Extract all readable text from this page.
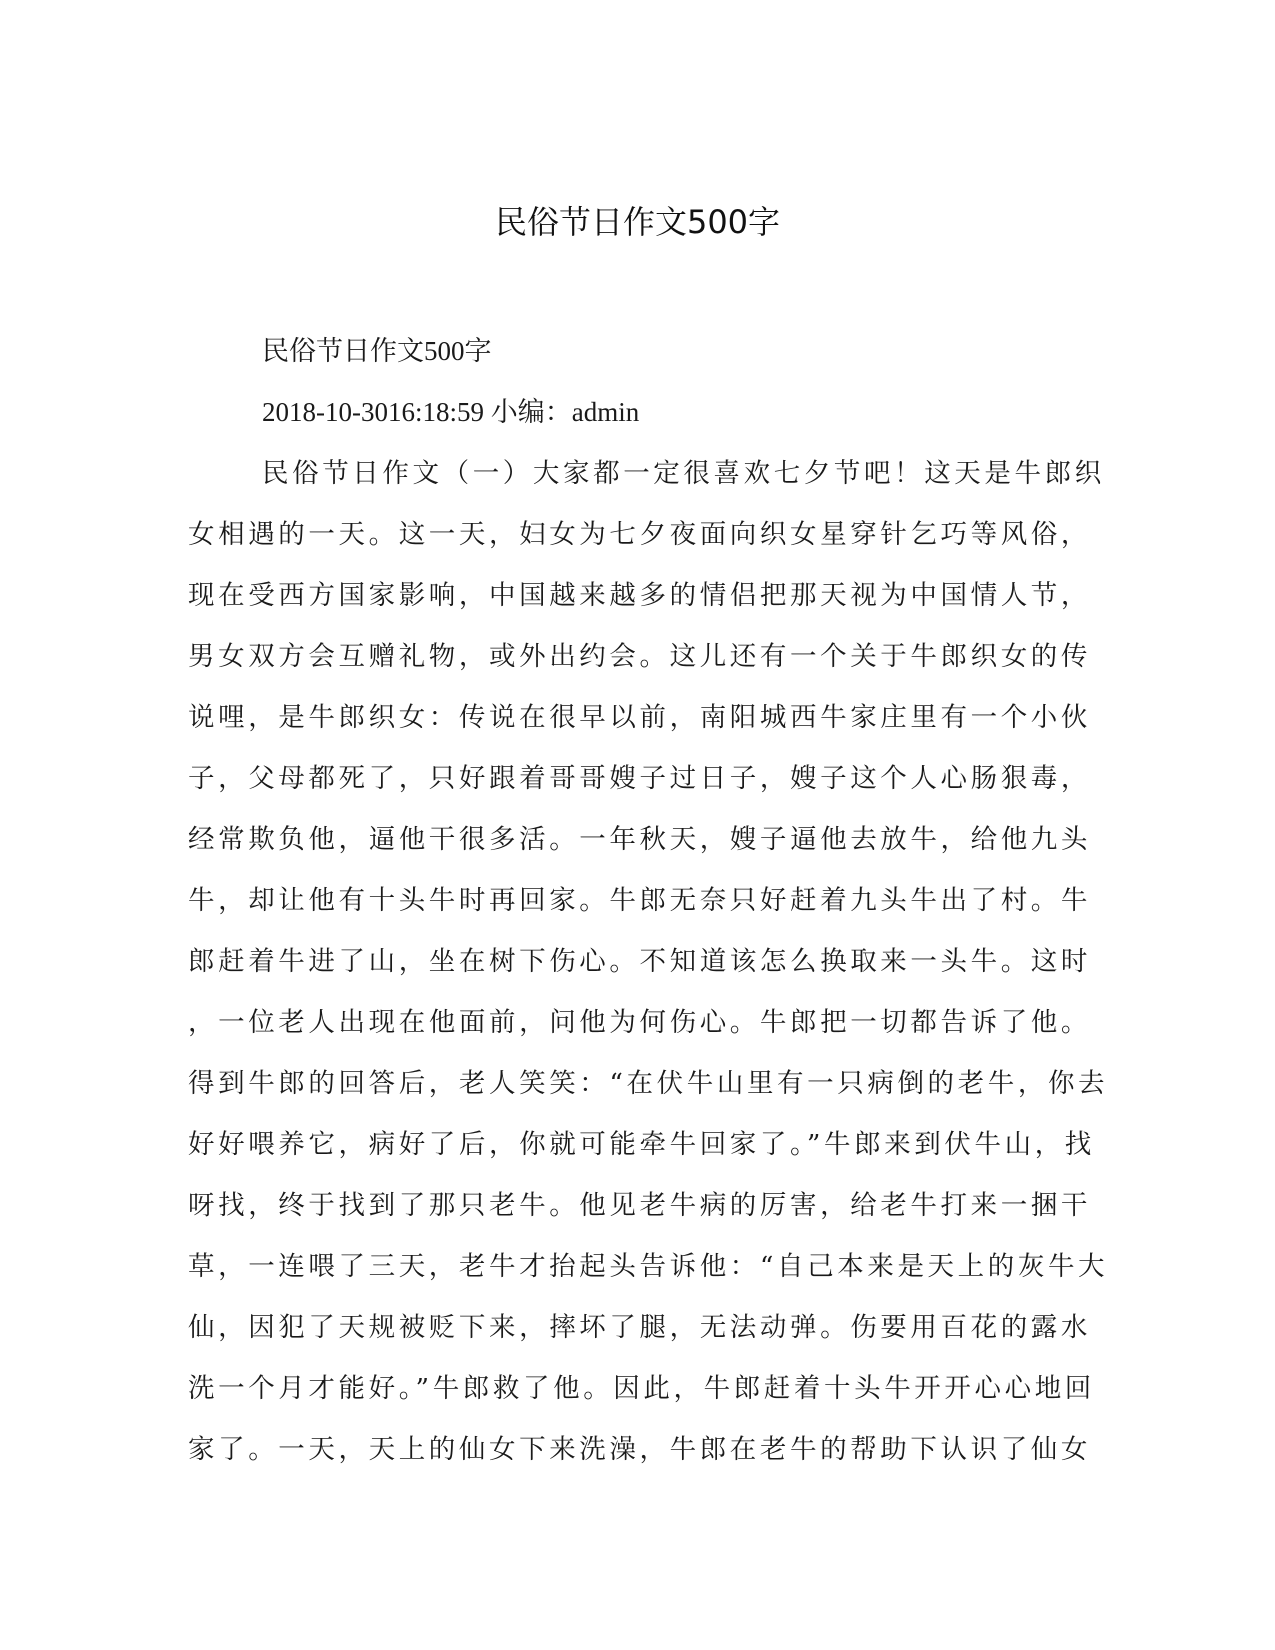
民俗节日作文500字

民俗节日作文500字

2018-10-3016:18:59 小编：admin

民俗节日作文（一）大家都一定很喜欢七夕节吧！这天是牛郎织
女相遇的一天。这一天，妇女为七夕夜面向织女星穿针乞巧等风俗，
现在受西方国家影响，中国越来越多的情侣把那天视为中国情人节，
男女双方会互赠礼物，或外出约会。这儿还有一个关于牛郎织女的传
说哩，是牛郎织女：传说在很早以前，南阳城西牛家庄里有一个小伙
子，父母都死了，只好跟着哥哥嫂子过日子，嫂子这个人心肠狠毒，
经常欺负他，逼他干很多活。一年秋天，嫂子逼他去放牛，给他九头
牛，却让他有十头牛时再回家。牛郎无奈只好赶着九头牛出了村。牛
郎赶着牛进了山，坐在树下伤心。不知道该怎么换取来一头牛。这时
，一位老人出现在他面前，问他为何伤心。牛郎把一切都告诉了他。
得到牛郎的回答后，老人笑笑：“在伏牛山里有一只病倒的老牛，你去
好好喂养它，病好了后，你就可能牵牛回家了。”牛郎来到伏牛山，找
呀找，终于找到了那只老牛。他见老牛病的厉害，给老牛打来一捆干
草，一连喂了三天，老牛才抬起头告诉他：“自己本来是天上的灰牛大
仙，因犯了天规被贬下来，摔坏了腿，无法动弹。伤要用百花的露水
洗一个月才能好。”牛郎救了他。因此，牛郎赶着十头牛开开心心地回
家了。一天，天上的仙女下来洗澡，牛郎在老牛的帮助下认识了仙女
